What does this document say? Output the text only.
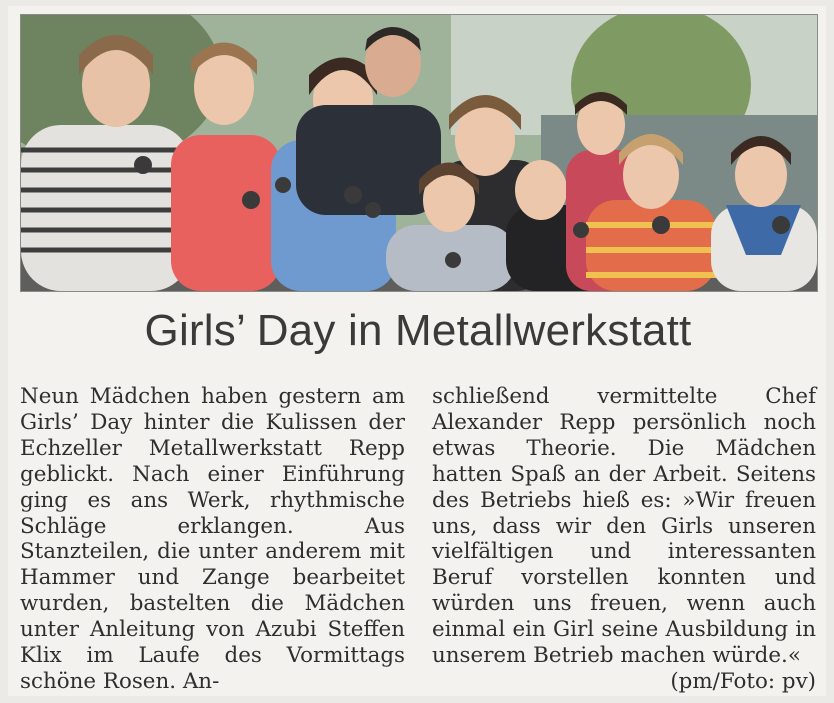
Girls’ Day in Metallwerkstatt
Neun Mädchen haben gestern am Girls’ Day hinter die Kulissen der Echzeller Metallwerkstatt Repp geblickt. Nach einer Einführung ging es ans Werk, rhythmische Schläge erklangen. Aus Stanzteilen, die unter anderem mit Hammer und Zange bearbeitet wurden, bastelten die Mädchen unter Anleitung von Azubi Steffen Klix im Laufe des Vormittags schöne Rosen. An-
schließend vermittelte Chef Alexander Repp persönlich noch etwas Theorie. Die Mädchen hatten Spaß an der Arbeit. Seitens des Betriebs hieß es: »Wir freuen uns, dass wir den Girls unseren vielfältigen und interessanten Beruf vorstellen konnten und würden uns freuen, wenn auch einmal ein Girl seine Ausbildung in unserem Betrieb machen würde.«
(pm/Foto: pv)
